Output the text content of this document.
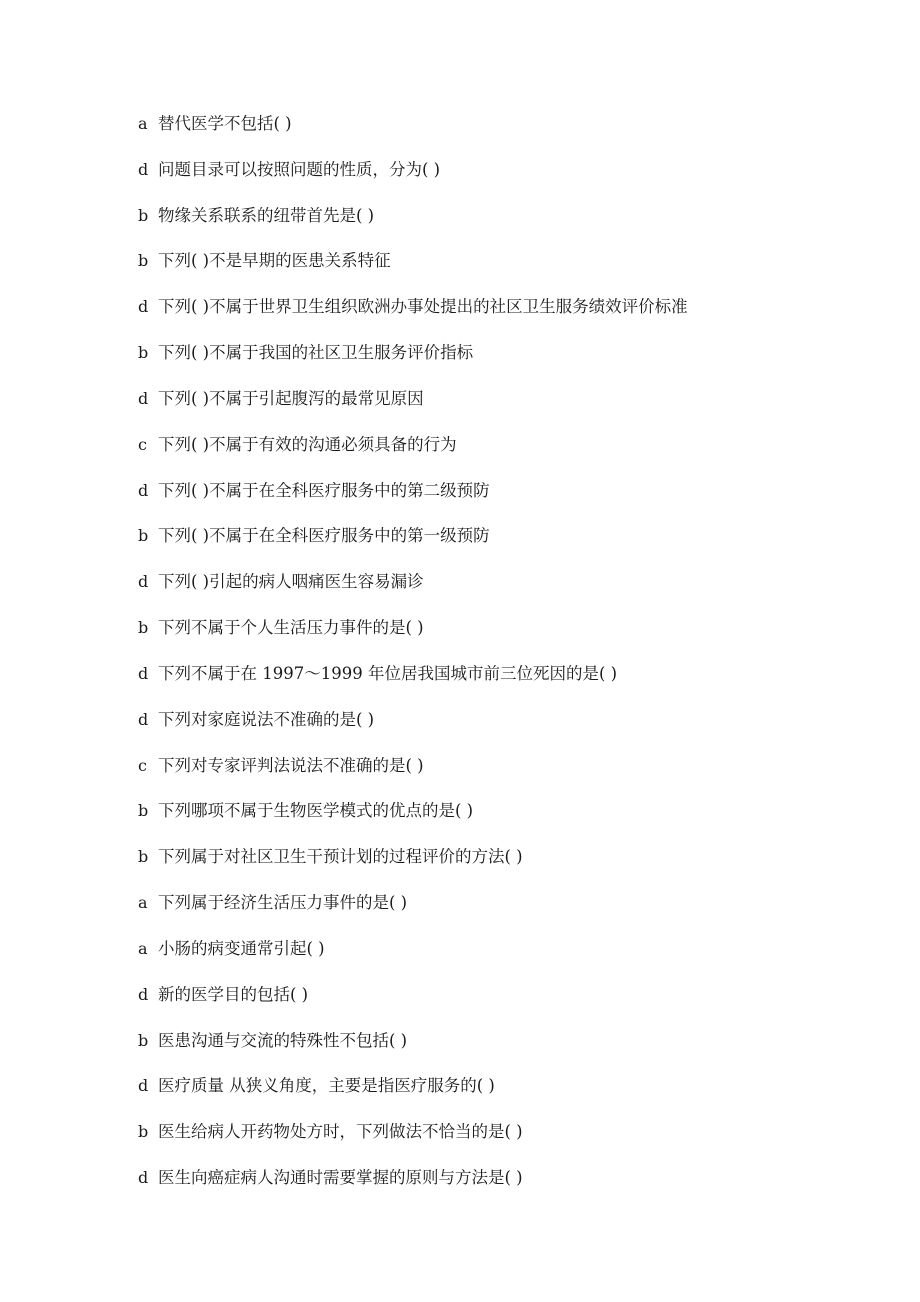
a 替代医学不包括( )
d 问题目录可以按照问题的性质，分为( )
b 物缘关系联系的纽带首先是( )
b 下列( )不是早期的医患关系特征
d 下列( )不属于世界卫生组织欧洲办事处提出的社区卫生服务绩效评价标准
b 下列( )不属于我国的社区卫生服务评价指标
d 下列( )不属于引起腹泻的最常见原因
c 下列( )不属于有效的沟通必须具备的行为
d 下列( )不属于在全科医疗服务中的第二级预防
b 下列( )不属于在全科医疗服务中的第一级预防
d 下列( )引起的病人咽痛医生容易漏诊
b 下列不属于个人生活压力事件的是( )
d 下列不属于在 1997～1999 年位居我国城市前三位死因的是( )
d 下列对家庭说法不准确的是( )
c 下列对专家评判法说法不准确的是( )
b 下列哪项不属于生物医学模式的优点的是( )
b 下列属于对社区卫生干预计划的过程评价的方法( )
a 下列属于经济生活压力事件的是( )
a 小肠的病变通常引起( )
d 新的医学目的包括( )
b 医患沟通与交流的特殊性不包括( )
d 医疗质量 从狭义角度，主要是指医疗服务的( )
b 医生给病人开药物处方时，下列做法不恰当的是( )
d 医生向癌症病人沟通时需要掌握的原则与方法是( )
